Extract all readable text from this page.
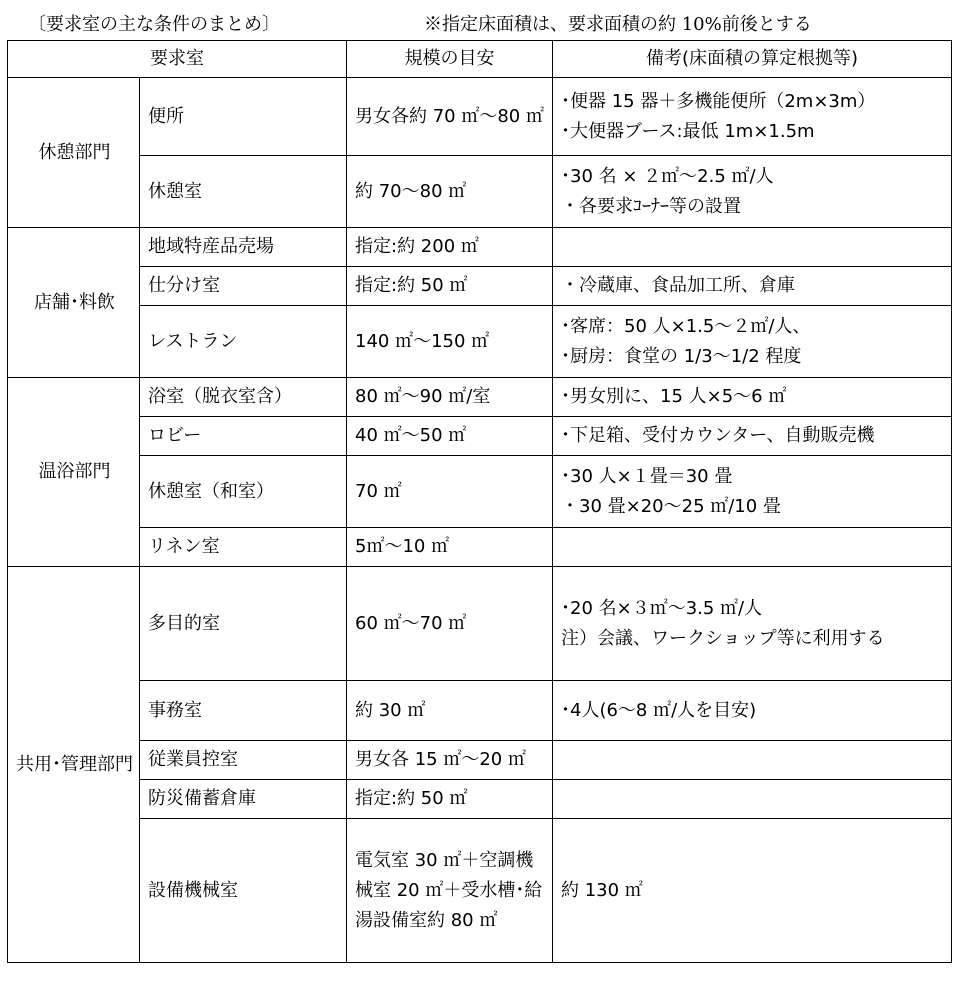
〔要求室の主な条件のまとめ〕	※指定床面積は、要求面積の約 10%前後とする
要求室		規模の目安	備考(床面積の算定根拠等)
休憩部門	便所	男女各約 70 ㎡〜80 ㎡	･便器 15 器＋多機能便所（2m×3m）
･大便器ブース:最低 1m×1.5m

	休憩室	約 70〜80 ㎡	･30 名 × ２㎡〜2.5 ㎡/人
・各要求ｺｰﾅｰ等の設置

店舗･料飲	地域特産品売場	指定:約 200 ㎡	
	仕分け室	指定:約 50 ㎡	・冷蔵庫、食品加工所、倉庫

	レストラン	140 ㎡〜150 ㎡	･客席：50 人×1.5〜２㎡/人、
･厨房：食堂の 1/3〜1/2 程度

温浴部門	浴室（脱衣室含）	80 ㎡〜90 ㎡/室	･男女別に、15 人×5〜6 ㎡

	ロビー	40 ㎡〜50 ㎡	･下足箱、受付カウンター、自動販売機

	休憩室（和室）	70 ㎡	･30 人×１畳＝30 畳
・30 畳×20〜25 ㎡/10 畳

	リネン室	5㎡〜10 ㎡	
共用･管理部門	多目的室	60 ㎡〜70 ㎡	･20 名×３㎡〜3.5 ㎡/人
注）会議、ワークショップ等に利用する

	事務室	約 30 ㎡	･4人(6〜8 ㎡/人を目安)

	従業員控室	男女各 15 ㎡〜20 ㎡	
	防災備蓄倉庫	指定:約 50 ㎡	
	設備機械室	電気室 30 ㎡＋空調機械室 20 ㎡＋受水槽･給湯設備室約 80 ㎡	約 130 ㎡
